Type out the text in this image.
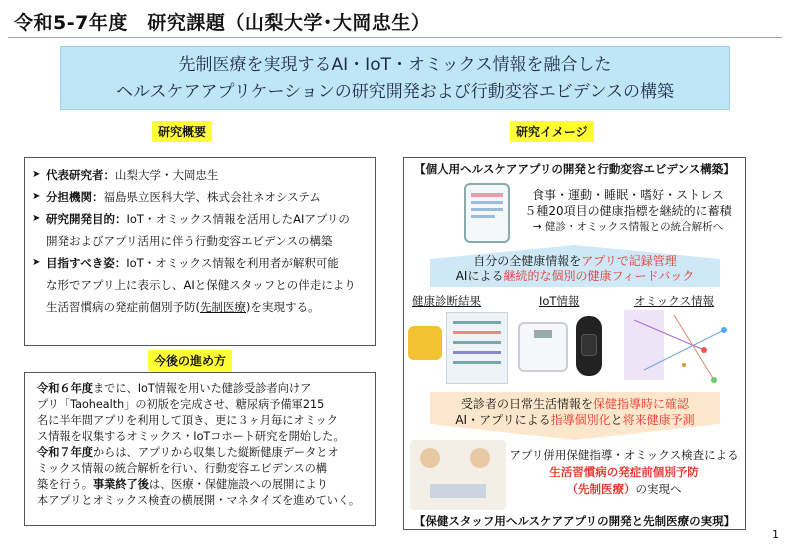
令和5-7年度　研究課題（山梨大学･大岡忠生）
先制医療を実現するAI・IoT・オミックス情報を融合した
ヘルスケアアプリケーションの研究開発および行動変容エビデンスの構築
研究概要	研究イメージ
➤ 代表研究者：山梨大学・大岡忠生
➤ 分担機関：福島県立医科大学、株式会社ネオシステム
➤ 研究開発目的：IoT・オミックス情報を活用したAIアプリの
開発およびアプリ活用に伴う行動変容エビデンスの構築
➤ 目指すべき姿：IoT・オミックス情報を利用者が解釈可能
な形でアプリ上に表示し、AIと保健スタッフとの伴走により
生活習慣病の発症前個別予防(先制医療)を実現する。
今後の進め方
令和６年度までに、IoT情報を用いた健診受診者向けア
プリ「Taohealth」の初版を完成させ、糖尿病予備軍215
名に半年間アプリを利用して頂き、更に３ヶ月毎にオミック
ス情報を収集するオミックス・IoTコホート研究を開始した。
令和７年度からは、アプリから収集した縦断健康データとオ
ミックス情報の統合解析を行い、行動変容エビデンスの構
築を行う。事業終了後は、医療・保健施設への展開により
本アプリとオミックス検査の横展開・マネタイズを進めていく。
【個人用ヘルスケアアプリの開発と行動変容エビデンス構築】
食事・運動・睡眠・嗜好・ストレス
５種20項目の健康指標を継続的に蓄積
→ 健診・オミックス情報との統合解析へ
自分の全健康情報をアプリで記録管理
AIによる継続的な個別の健康フィードバック
健康診断結果	IoT情報	オミックス情報
受診者の日常生活情報を保健指導時に確認
AI・アプリによる指導個別化と将来健康予測
アプリ併用保健指導・オミックス検査による
生活習慣病の発症前個別予防
（先制医療）の実現へ
【保健スタッフ用ヘルスケアアプリの開発と先制医療の実現】
1
